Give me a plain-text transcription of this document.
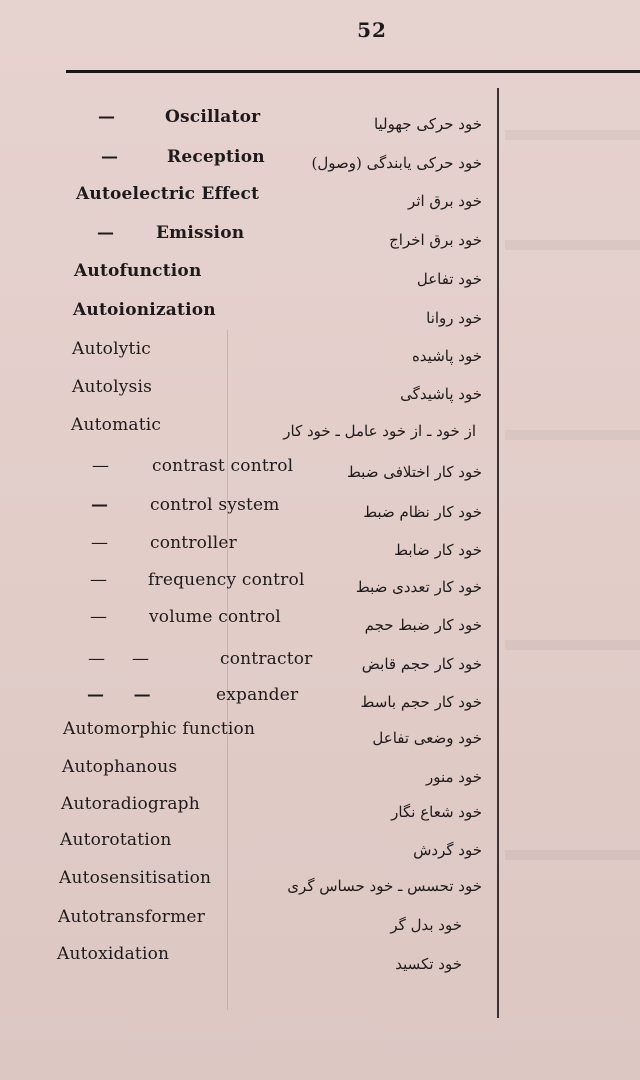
52
—	Oscillator	خود حرکی جهولیا
—	Reception	خود حرکی یابندگی (وصول)
Autoelectric Effect	خود برق اثر
— Emission	خود برق اخراج
Autofunction	خود تفاعل
Autoionization	خود روانا
Autolytic	خود پاشیده
Autolysis	خود پاشیدگی
Automatic	از خود ـ از خود عامل ـ خود کار
—	contrast control	خود کار اختلافی ضبط
— control system	خود کار نظام ضبط
— controller	خود کار ضابط
— frequency control	خود کار تعددی ضبط
— volume control	خود کار ضبط حجم
—     —	contractor	خود کار حجم قابض
—     —	expander	خود کار حجم باسط
Automorphic function	خود وضعی تفاعل
Autophanous	خود منور
Autoradiograph	خود شعاع نگار
Autorotation	خود گردش
Autosensitisation	خود تحسس ـ خود حساس گری
Autotransformer	خود بدل گر
Autoxidation	خود تکسید
